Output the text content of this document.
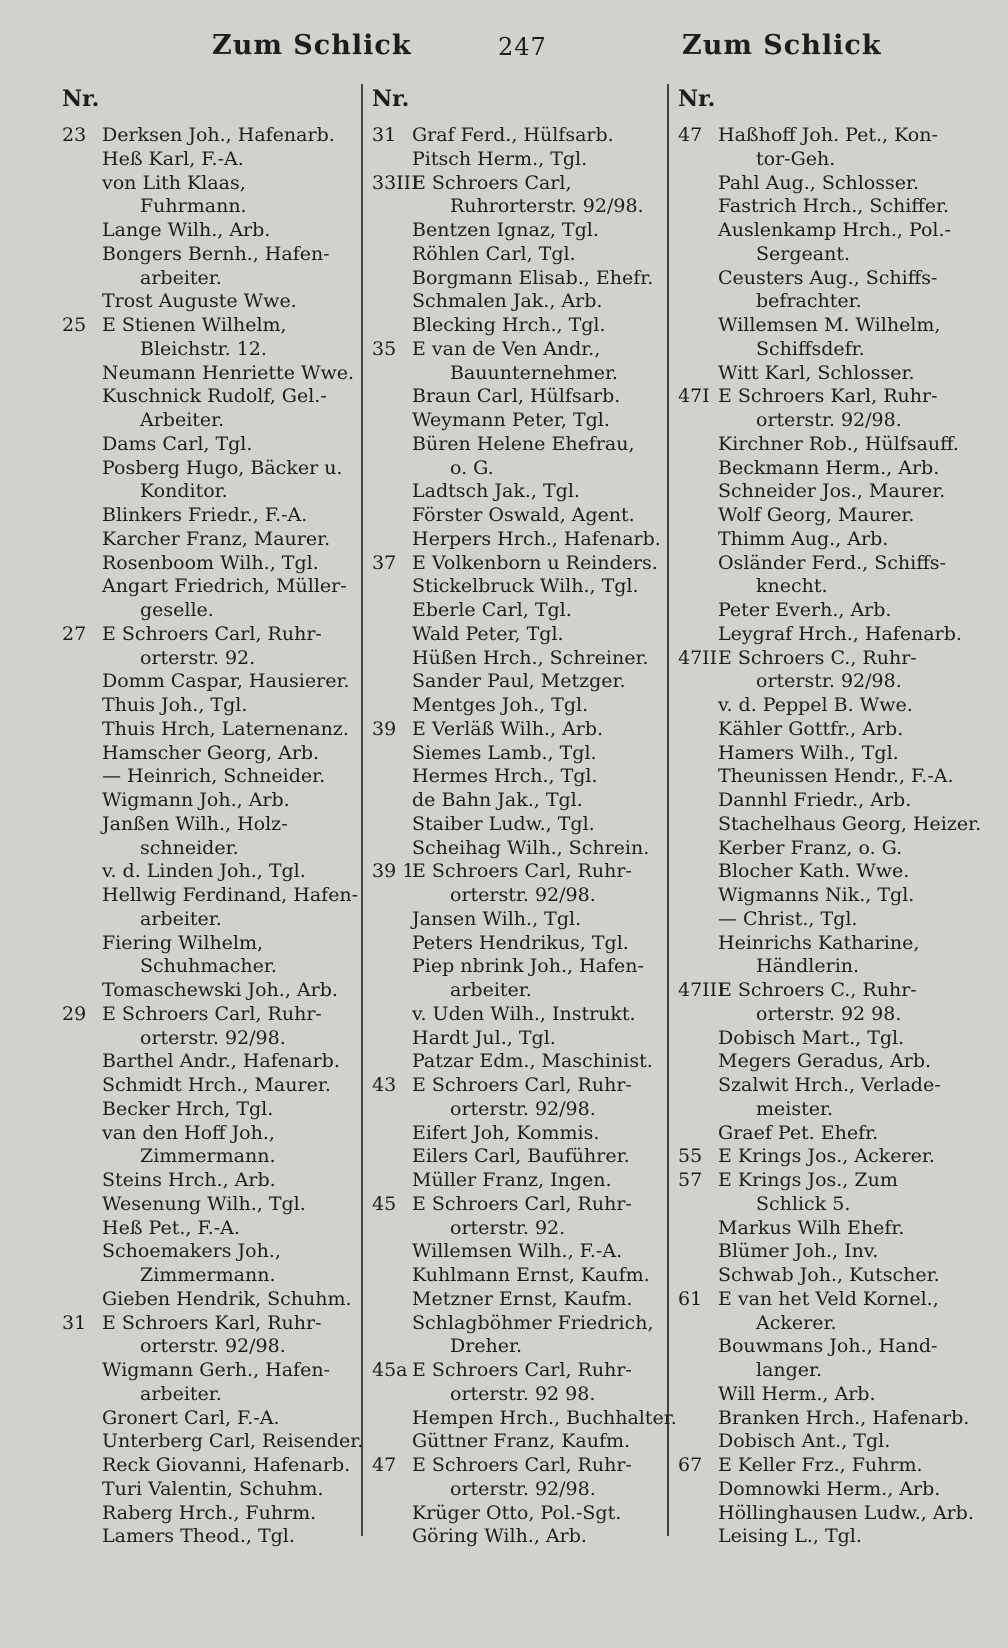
Zum Schlick	247	Zum Schlick
Nr.
23 Derksen Joh., Hafenarb.
Heß Karl, F.-A.
von Lith Klaas,
Fuhrmann.
Lange Wilh., Arb.
Bongers Bernh., Hafen-
arbeiter.
Trost Auguste Wwe.
25 E Stienen Wilhelm,
Bleichstr. 12.
Neumann Henriette Wwe.
Kuschnick Rudolf, Gel.-
Arbeiter.
Dams Carl, Tgl.
Posberg Hugo, Bäcker u.
Konditor.
Blinkers Friedr., F.-A.
Karcher Franz, Maurer.
Rosenboom Wilh., Tgl.
Angart Friedrich, Müller-
geselle.
27 E Schroers Carl, Ruhr-
orterstr. 92.
Domm Caspar, Hausierer.
Thuis Joh., Tgl.
Thuis Hrch, Laternenanz.
Hamscher Georg, Arb.
— Heinrich, Schneider.
Wigmann Joh., Arb.
Janßen Wilh., Holz-
schneider.
v. d. Linden Joh., Tgl.
Hellwig Ferdinand, Hafen-
arbeiter.
Fiering Wilhelm,
Schuhmacher.
Tomaschewski Joh., Arb.
29 E Schroers Carl, Ruhr-
orterstr. 92/98.
Barthel Andr., Hafenarb.
Schmidt Hrch., Maurer.
Becker Hrch, Tgl.
van den Hoff Joh.,
Zimmermann.
Steins Hrch., Arb.
Wesenung Wilh., Tgl.
Heß Pet., F.-A.
Schoemakers Joh.,
Zimmermann.
Gieben Hendrik, Schuhm.
31 E Schroers Karl, Ruhr-
orterstr. 92/98.
Wigmann Gerh., Hafen-
arbeiter.
Gronert Carl, F.-A.
Unterberg Carl, Reisender.
Reck Giovanni, Hafenarb.
Turi Valentin, Schuhm.
Raberg Hrch., Fuhrm.
Lamers Theod., Tgl.
Nr.
31 Graf Ferd., Hülfsarb.
Pitsch Herm., Tgl.
33III
E Schroers Carl,
Ruhrorterstr. 92/98.
Bentzen Ignaz, Tgl.
Röhlen Carl, Tgl.
Borgmann Elisab., Ehefr.
Schmalen Jak., Arb.
Blecking Hrch., Tgl.
35 E van de Ven Andr.,
Bauunternehmer.
Braun Carl, Hülfsarb.
Weymann Peter, Tgl.
Büren Helene Ehefrau,
o. G.
Ladtsch Jak., Tgl.
Förster Oswald, Agent.
Herpers Hrch., Hafenarb.
37 E Volkenborn u Reinders.
Stickelbruck Wilh., Tgl.
Eberle Carl, Tgl.
Wald Peter, Tgl.
Hüßen Hrch., Schreiner.
Sander Paul, Metzger.
Mentges Joh., Tgl.
39 E Verläß Wilh., Arb.
Siemes Lamb., Tgl.
Hermes Hrch., Tgl.
de Bahn Jak., Tgl.
Staiber Ludw., Tgl.
Scheihag Wilh., Schrein.
39 1
E Schroers Carl, Ruhr-
orterstr. 92/98.
Jansen Wilh., Tgl.
Peters Hendrikus, Tgl.
Piep nbrink Joh., Hafen-
arbeiter.
v. Uden Wilh., Instrukt.
Hardt Jul., Tgl.
Patzar Edm., Maschinist.
43 E Schroers Carl, Ruhr-
orterstr. 92/98.
Eifert Joh, Kommis.
Eilers Carl, Bauführer.
Müller Franz, Ingen.
45 E Schroers Carl, Ruhr-
orterstr. 92.
Willemsen Wilh., F.-A.
Kuhlmann Ernst, Kaufm.
Metzner Ernst, Kaufm.
Schlagböhmer Friedrich,
Dreher.
45a E Schroers Carl, Ruhr-
orterstr. 92 98.
Hempen Hrch., Buchhalter.
Güttner Franz, Kaufm.
47 E Schroers Carl, Ruhr-
orterstr. 92/98.
Krüger Otto, Pol.-Sgt.
Göring Wilh., Arb.
Nr.
47 Haßhoff Joh. Pet., Kon-
tor-Geh.
Pahl Aug., Schlosser.
Fastrich Hrch., Schiffer.
Auslenkamp Hrch., Pol.-
Sergeant.
Ceusters Aug., Schiffs-
befrachter.
Willemsen M. Wilhelm,
Schiffsdefr.
Witt Karl, Schlosser.
47I E Schroers Karl, Ruhr-
orterstr. 92/98.
Kirchner Rob., Hülfsauff.
Beckmann Herm., Arb.
Schneider Jos., Maurer.
Wolf Georg, Maurer.
Thimm Aug., Arb.
Osländer Ferd., Schiffs-
knecht.
Peter Everh., Arb.
Leygraf Hrch., Hafenarb.
47II E Schroers C., Ruhr-
orterstr. 92/98.
v. d. Peppel B. Wwe.
Kähler Gottfr., Arb.
Hamers Wilh., Tgl.
Theunissen Hendr., F.-A.
Dannhl Friedr., Arb.
Stachelhaus Georg, Heizer.
Kerber Franz, o. G.
Blocher Kath. Wwe.
Wigmanns Nik., Tgl.
— Christ., Tgl.
Heinrichs Katharine,
Händlerin.
47III
E Schroers C., Ruhr-
orterstr. 92 98.
Dobisch Mart., Tgl.
Megers Geradus, Arb.
Szalwit Hrch., Verlade-
meister.
Graef Pet. Ehefr.
55 E Krings Jos., Ackerer.
57 E Krings Jos., Zum
Schlick 5.
Markus Wilh Ehefr.
Blümer Joh., Inv.
Schwab Joh., Kutscher.
61 E van het Veld Kornel.,
Ackerer.
Bouwmans Joh., Hand-
langer.
Will Herm., Arb.
Branken Hrch., Hafenarb.
Dobisch Ant., Tgl.
67 E Keller Frz., Fuhrm.
Domnowki Herm., Arb.
Höllinghausen Ludw., Arb.
Leising L., Tgl.
